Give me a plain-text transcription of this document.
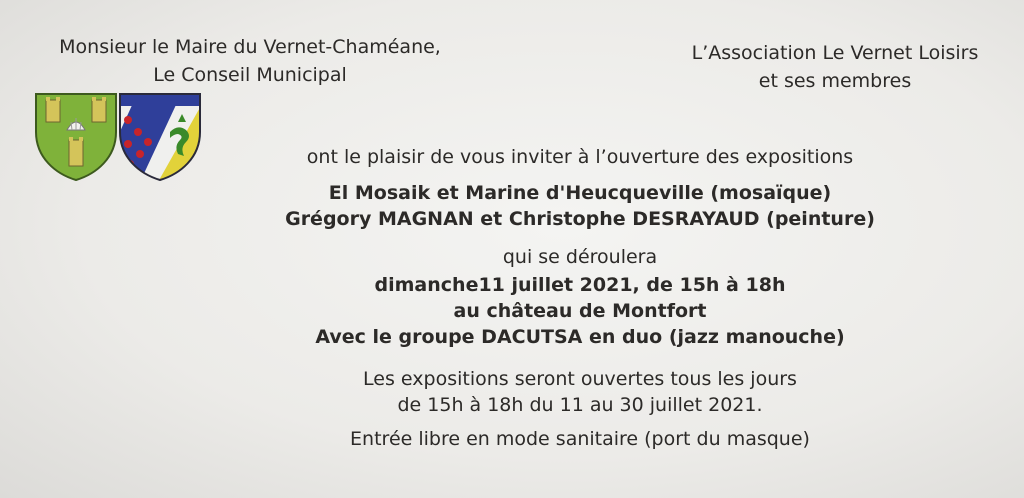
Monsieur le Maire du Vernet-Chaméane,
Le Conseil Municipal
L’Association Le Vernet Loisirs
et ses membres
ont le plaisir de vous inviter à l’ouverture des expositions
El Mosaik et Marine d'Heucqueville (mosaïque)
Grégory MAGNAN et Christophe DESRAYAUD (peinture)
qui se déroulera
dimanche11 juillet 2021, de 15h à 18h
au château de Montfort
Avec le groupe DACUTSA en duo (jazz manouche)
Les expositions seront ouvertes tous les jours
de 15h à 18h du 11 au 30 juillet 2021.
Entrée libre en mode sanitaire (port du masque)
